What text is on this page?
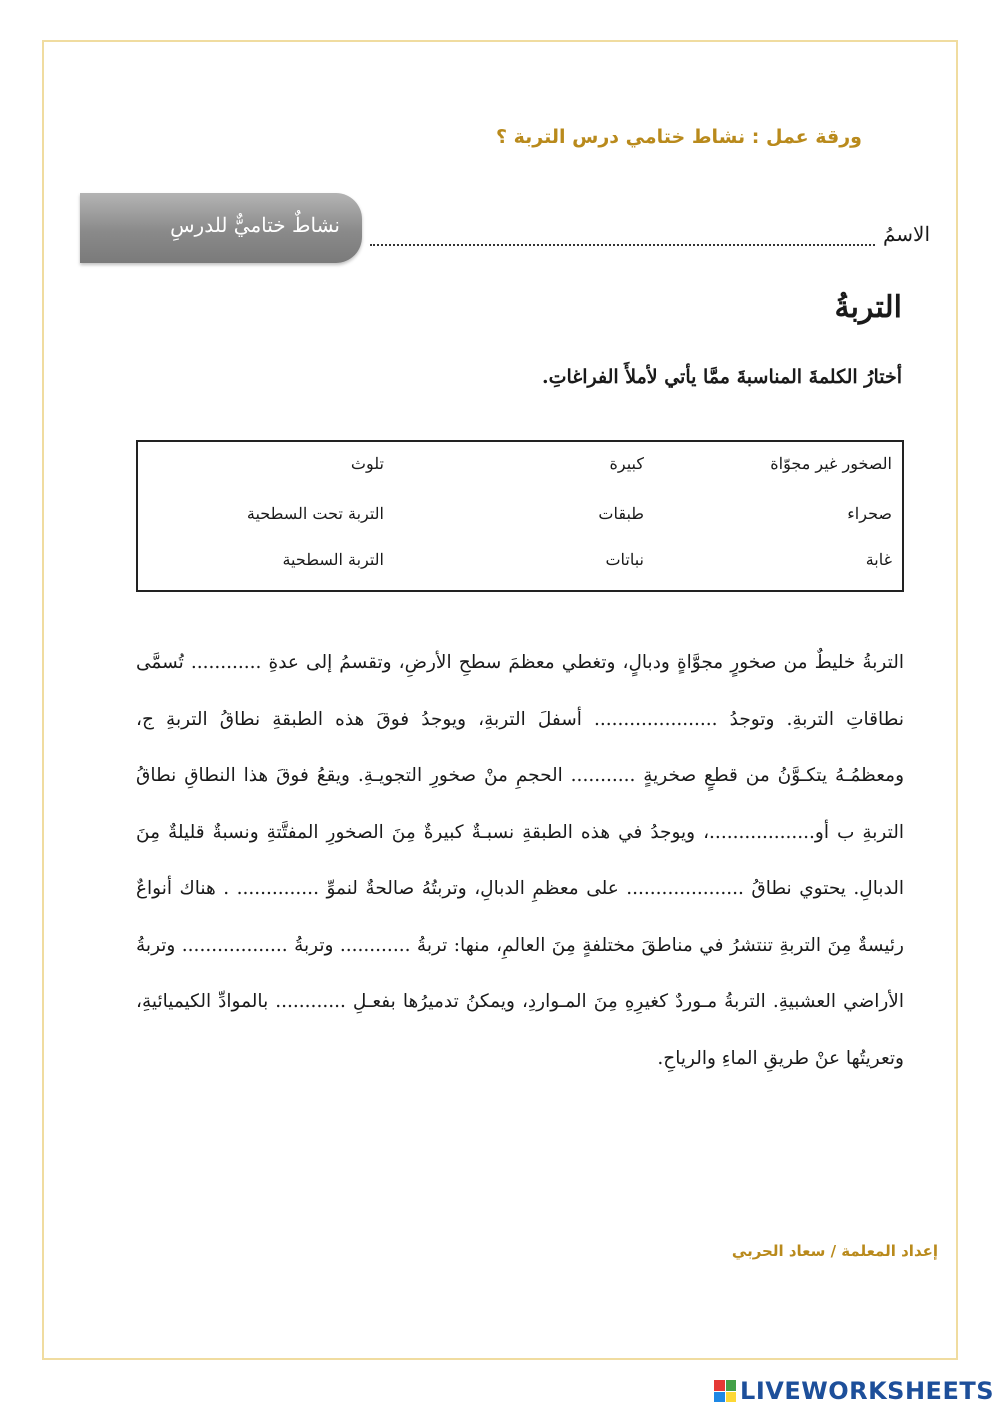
ورقة عمل : نشاط ختامي درس التربة ؟
نشاطٌ ختاميٌّ للدرسِ	الاسمُ
التربةُ
أختارُ الكلمةَ المناسبةَ ممَّا يأتي لأملأَ الفراغاتِ.
الصخور غير مجوّاة
كبيرة
تلوث
صحراء
طبقات
التربة تحت السطحية
غابة
نباتات
التربة السطحية
التربةُ خليطٌ من صخورٍ مجوَّاةٍ ودبالٍ، وتغطي معظمَ سطحِ الأرضِ، وتقسمُ إلى عدةِ ............ تُسمَّى نطاقاتِ التربةِ. وتوجدُ ..................... أسفلَ التربةِ، ويوجدُ فوقَ هذه الطبقةِ نطاقُ التربةِ ج، ومعظمُـهُ يتكـوَّنُ من قطعٍ صخريةٍ ........... الحجمِ منْ صخورِ التجويـةِ. ويقعُ فوقَ هذا النطاقِ نطاقُ التربةِ ب أو..................، ويوجدُ في هذه الطبقةِ نسبـةٌ كبيرةٌ مِنَ الصخورِ المفتَّتةِ ونسبةٌ قليلةٌ مِنَ الدبالِ. يحتوي نطاقُ .................... على معظمِ الدبالِ، وتربتُهُ صالحةٌ لنموِّ .............. . هناك أنواعٌ رئيسةٌ مِنَ التربةِ تنتشرُ في مناطقَ مختلفةٍ مِنَ العالمِ، منها: تربةُ ............ وتربةُ .................. وتربةُ الأراضي العشبيةِ. التربةُ مـوردٌ كغيرِهِ مِنَ المـواردِ، ويمكنُ تدميرُها بفعـلِ ............ بالموادِّ الكيميائيةِ، وتعريتُها عنْ طريقِ الماءِ والرياحِ.
إعداد المعلمة / سعاد الحربي
LIVEWORKSHEETS
